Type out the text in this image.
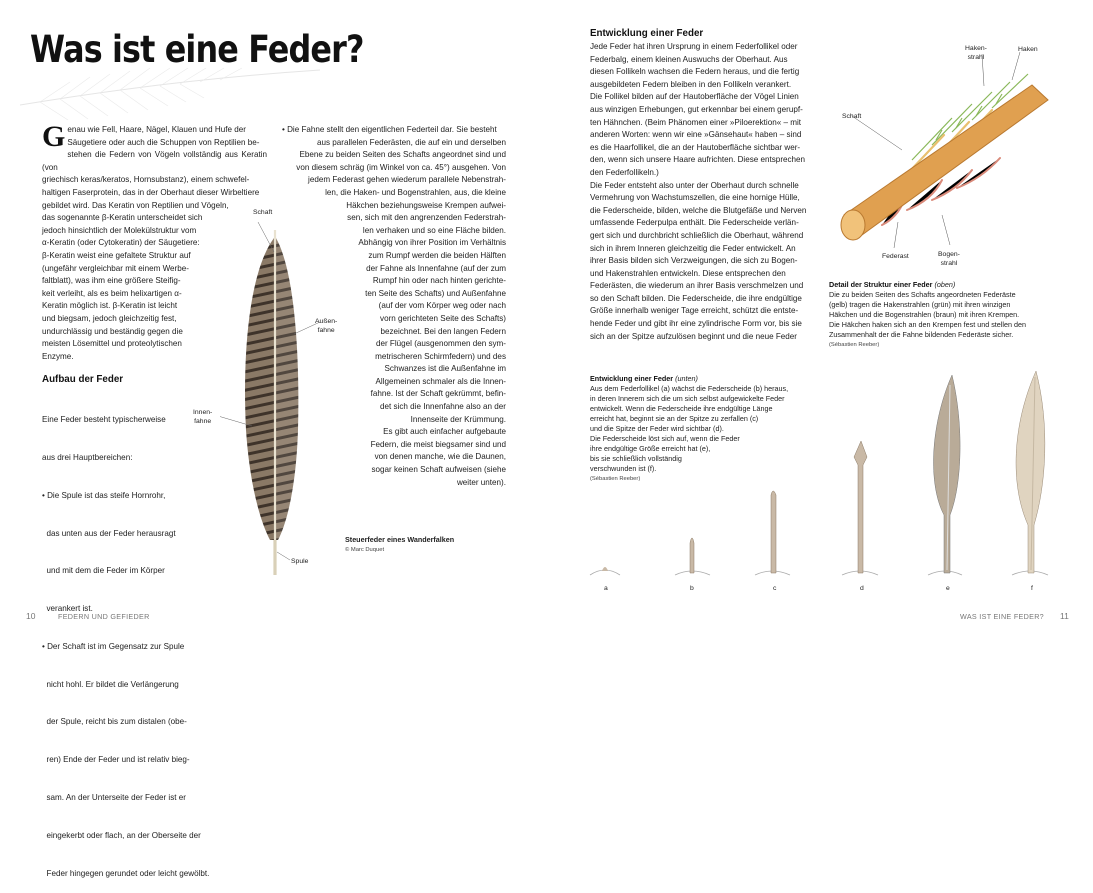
Was ist eine Feder?
G enau wie Fell, Haare, Nägel, Klauen und Hufe der
Säugetiere oder auch die Schuppen von Reptilien be-
stehen die Federn von Vögeln vollständig aus Keratin (von
griechisch keras/keratos, Hornsubstanz), einem schwefel-
haltigen Faserprotein, das in der Oberhaut dieser Wirbeltiere
gebildet wird. Das Keratin von Reptilien und Vögeln,
das sogenannte β-Keratin unterscheidet sich
jedoch hinsichtlich der Molekülstruktur vom
α-Keratin (oder Cytokeratin) der Säugetiere:
β-Keratin weist eine gefaltete Struktur auf
(ungefähr vergleichbar mit einem Werbe-
faltblatt), was ihm eine größere Steifig-
keit verleiht, als es beim helixartigen α-
Keratin möglich ist. β-Keratin ist leicht
und biegsam, jedoch gleichzeitig fest,
undurchlässig und beständig gegen die
meisten Lösemittel und proteolytischen
Enzyme.
Aufbau der Feder

Eine Feder besteht typischerweise

aus drei Hauptbereichen:

• Die Spule ist das steife Hornrohr,

das unten aus der Feder herausragt

und mit dem die Feder im Körper

verankert ist.

• Der Schaft ist im Gegensatz zur Spule

nicht hohl. Er bildet die Verlängerung

der Spule, reicht bis zum distalen (obe-

ren) Ende der Feder und ist relativ bieg-

sam. An der Unterseite der Feder ist er

eingekerbt oder flach, an der Oberseite der

Feder hingegen gerundet oder leicht gewölbt.

• Die Fahne stellt den eigentlichen Federteil dar. Sie besteht
aus parallelen Federästen, die auf ein und derselben
Ebene zu beiden Seiten des Schafts angeordnet sind und
von diesem schräg (im Winkel von ca. 45°) ausgehen. Von
jedem Federast gehen wiederum parallele Nebenstrah-
len, die Haken- und Bogenstrahlen, aus, die kleine
Häkchen beziehungsweise Krempen aufwei-
sen, sich mit den angrenzenden Federstrah-
len verhaken und so eine Fläche bilden.
Abhängig von ihrer Position im Verhältnis
zum Rumpf werden die beiden Hälften
der Fahne als Innenfahne (auf der zum
Rumpf hin oder nach hinten gerichte-
ten Seite des Schafts) und Außenfahne
(auf der vom Körper weg oder nach
vorn gerichteten Seite des Schafts)
bezeichnet. Bei den langen Federn
der Flügel (ausgenommen den sym-
metrischeren Schirmfedern) und des
Schwanzes ist die Außenfahne im
Allgemeinen schmaler als die Innen-
fahne. Ist der Schaft gekrümmt, befin-
det sich die Innenfahne also an der
Innenseite der Krümmung.
Es gibt auch einfacher aufgebaute
Federn, die meist biegsamer sind und
von denen manche, wie die Daunen,
sogar keinen Schaft aufweisen (siehe
weiter unten).
Schaft
Außen-
fahne
Innen-
fahne
Spule
Steuerfeder eines Wanderfalken
© Marc Duquet
10	FEDERN UND GEFIEDER
Entwicklung einer Feder
Jede Feder hat ihren Ursprung in einem Federfollikel oder
Federbalg, einem kleinen Auswuchs der Oberhaut. Aus
diesen Follikeln wachsen die Federn heraus, und die fertig
ausgebildeten Federn bleiben in den Follikeln verankert.
Die Follikel bilden auf der Hautoberfläche der Vögel Linien
aus winzigen Erhebungen, gut erkennbar bei einem gerupf-
ten Hähnchen. (Beim Phänomen einer »Piloerektion« – mit
anderen Worten: wenn wir eine »Gänsehaut« haben – sind
es die Haarfollikel, die an der Hautoberfläche sichtbar wer-
den, wenn sich unsere Haare aufrichten. Diese entsprechen
den Federfollikeln.)
Die Feder entsteht also unter der Oberhaut durch schnelle
Vermehrung von Wachstumszellen, die eine hornige Hülle,
die Federscheide, bilden, welche die Blutgefäße und Nerven
umfassende Federpulpa enthält. Die Federscheide verlän-
gert sich und durchbricht schließlich die Oberhaut, während
sich in ihrem Inneren gleichzeitig die Feder entwickelt. An
ihrer Basis bilden sich Verzweigungen, die sich zu Bogen-
und Hakenstrahlen entwickeln. Diese entsprechen den
Federästen, die wiederum an ihrer Basis verschmelzen und
so den Schaft bilden. Die Federscheide, die ihre endgültige
Größe innerhalb weniger Tage erreicht, schützt die entste-
hende Feder und gibt ihr eine zylindrische Form vor, bis sie
sich an der Spitze aufzulösen beginnt und die neue Feder
Haken-
strahl
Haken
Schaft
Federast	Bogen-
strahl
Detail der Struktur einer Feder (oben)
Die zu beiden Seiten des Schafts angeordneten Federäste
(gelb) tragen die Hakenstrahlen (grün) mit ihren winzigen
Häkchen und die Bogenstrahlen (braun) mit ihren Krempen.
Die Häkchen haken sich an den Krempen fest und stellen den
Zusammenhalt der die Fahne bildenden Federäste sicher.
(Sébastien Reeber)
Entwicklung einer Feder (unten)
Aus dem Federfollikel (a) wächst die Federscheide (b) heraus,
in deren Innerem sich die um sich selbst aufgewickelte Feder
entwickelt. Wenn die Federscheide ihre endgültige Länge
erreicht hat, beginnt sie an der Spitze zu zerfallen (c)
und die Spitze der Feder wird sichtbar (d).
Die Federscheide löst sich auf, wenn die Feder
ihre endgültige Größe erreicht hat (e),
bis sie schließlich vollständig
verschwunden ist (f).
(Sébastien Reeber)
a	b	c	d	e	f
WAS IST EINE FEDER? 11
